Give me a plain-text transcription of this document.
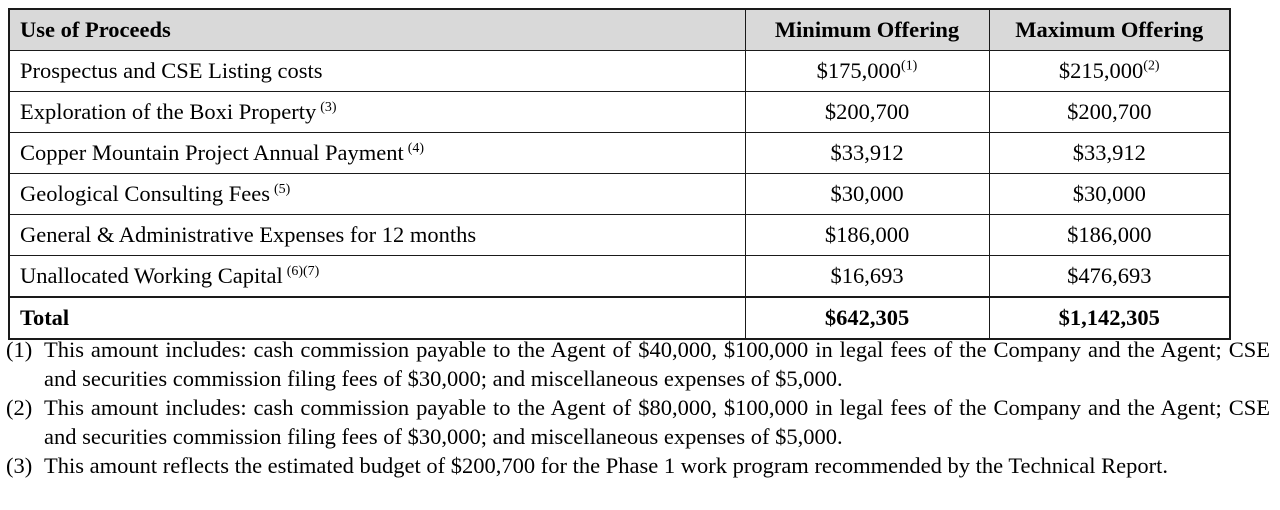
Use of Proceeds	Minimum Offering	Maximum Offering
Prospectus and CSE Listing costs	$175,000$^{(1)}$	$215,000$^{(2)}$
Exploration of the Boxi Property $^{(3)}$	$200,700	$200,700
Copper Mountain Project Annual Payment $^{(4)}$	$33,912	$33,912
Geological Consulting Fees $^{(5)}$	$30,000	$30,000
General & Administrative Expenses for 12 months	$186,000	$186,000
Unallocated Working Capital $^{(6)(7)}$	$16,693	$476,693
Total	$642,305	$1,142,305
(1) This amount includes: cash commission payable to the Agent of $40,000, $100,000 in legal fees of the Company and the Agent; CSE and securities commission filing fees of $30,000; and miscellaneous expenses of $5,000.
(2) This amount includes: cash commission payable to the Agent of $80,000, $100,000 in legal fees of the Company and the Agent; CSE and securities commission filing fees of $30,000; and miscellaneous expenses of $5,000.
(3) This amount reflects the estimated budget of $200,700 for the Phase 1 work program recommended by the Technical Report.
